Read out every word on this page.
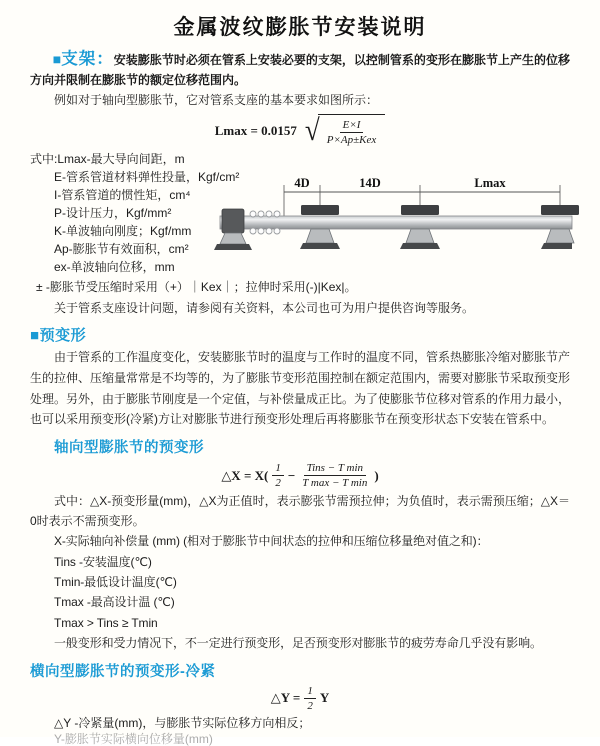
金属波纹膨胀节安装说明

■支架：安装膨胀节时必须在管系上安装必要的支架，以控制管系的变形在膨胀节上产生的位移方向并限制在膨胀节的额定位移范围内。

例如对于轴向型膨胀节，它对管系支座的基本要求如图所示：

Lmax = 0.0157 √ $\frac{E\times I}{\text{P×Ap±Kex}}$
式中:Lmax-最大导向间距，m
E-管系管道材料弹性投量，Kgf/cm²
I-管系管道的惯性矩，cm⁴
P-设计压力，Kgf/mm²
K-单波轴向刚度；Kgf/mm
Ap-膨胀节有效面积，cm²
ex-单波轴向位移，mm
4D	14D	Lmax

± -膨胀节受压缩时采用（+）｜Kex｜；拉伸时采用(-)|Kex|。

关于管系支座设计问题，请参阅有关资料，本公司也可为用户提供咨询等服务。

■预变形

由于管系的工作温度变化，安装膨胀节时的温度与工作时的温度不同，管系热膨胀冷缩对膨胀节产生的拉伸、压缩量常常是不均等的，为了膨胀节变形范围控制在额定范围内，需要对膨胀节采取预变形处理。另外，由于膨胀节刚度是一个定值，与补偿量成正比。为了使膨胀节位移对管系的作用力最小，也可以采用预变形(冷紧)方让对膨胀节进行预变形处理后再将膨胀节在预变形状态下安装在管系中。

轴向型膨胀节的预变形
△X = $X( \frac{1}{2} - \frac{\text{Tins − T min}}{\text{T max − T min}}$ )

式中：△X-预变形量(mm)，△X为正值时，表示膨张节需预拉伸；为负值时，表示需预压缩；△X＝0时表示不需预变形。

X-实际轴向补偿量 (mm) (相对于膨胀节中间状态的拉伸和压缩位移量绝对值之和)：
Tins -安装温度(℃)
Tmin-最低设计温度(℃)
Tmax -最高设计温 (℃)
Tmax > Tins ≥ Tmin
一般变形和受力情况下，不一定进行预变形，足否预变形对膨胀节的疲劳寿命几乎没有影响。
横向型膨胀节的预变形-冷紧
△Y = $\frac{1}{2}$ Y

△Y -冷紧量(mm)，与膨胀节实际位移方向相反；

Y-膨胀节实际横向位移量(mm)
